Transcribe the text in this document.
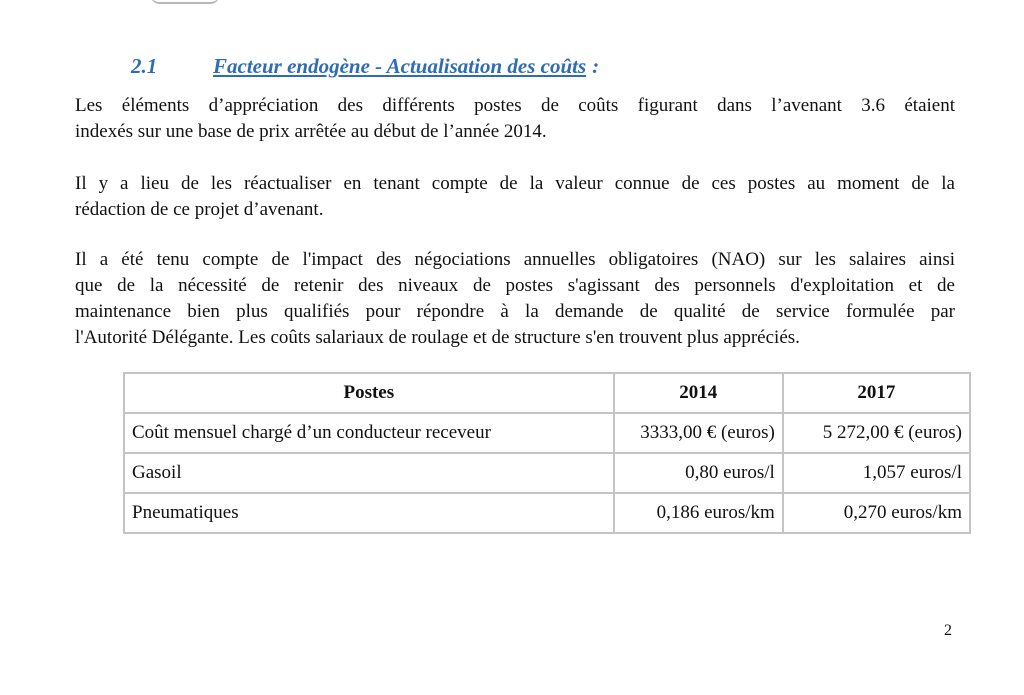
2.1	Facteur endogène - Actualisation des coûts :
Les éléments d’appréciation des différents postes de coûts figurant dans l’avenant 3.6 étaient
indexés sur une base de prix arrêtée au début de l’année 2014.
Il y a lieu de les réactualiser en tenant compte de la valeur connue de ces postes au moment de la
rédaction de ce projet d’avenant.
Il a été tenu compte de l'impact des négociations annuelles obligatoires (NAO) sur les salaires ainsi
que de la nécessité de retenir des niveaux de postes s'agissant des personnels d'exploitation et de
maintenance bien plus qualifiés pour répondre à la demande de qualité de service formulée par
l'Autorité Délégante. Les coûts salariaux de roulage et de structure s'en trouvent plus appréciés.
Postes	2014	2017
Coût mensuel chargé d’un conducteur receveur	3333,00 € (euros)	5 272,00 € (euros)
Gasoil	0,80 euros/l	1,057 euros/l
Pneumatiques	0,186 euros/km	0,270 euros/km
2
